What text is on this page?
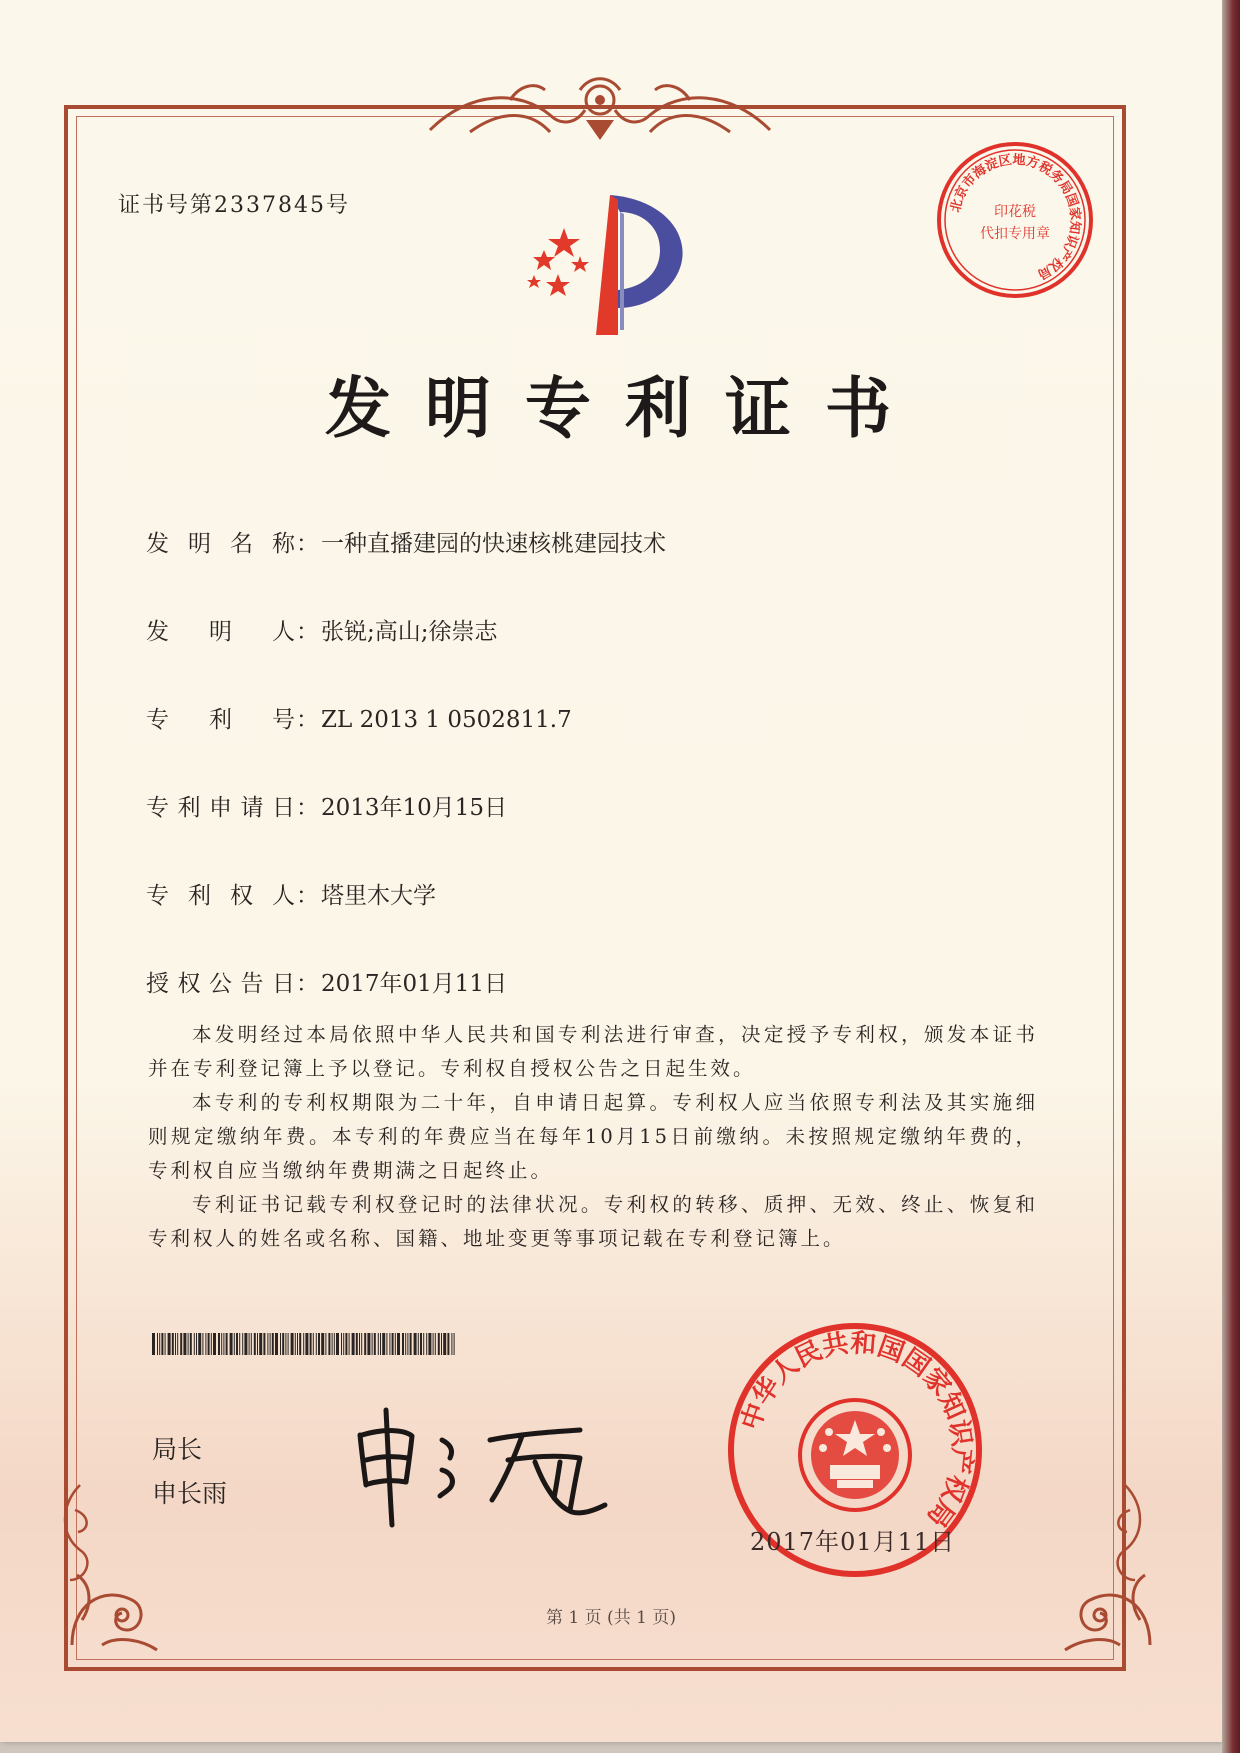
证书号第2337845号	北京市海淀区地方税务局国家知识产权局
印花税
代扣专用章
发明专利证书
发明名称：一种直播建园的快速核桃建园技术
发明人：张锐;高山;徐崇志
专利号：ZL 2013 1 0502811.7
专利申请日：2013年10月15日
专利权人：塔里木大学
授权公告日：2017年01月11日

本发明经过本局依照中华人民共和国专利法进行审查，决定授予专利权，颁发本证书并在专利登记簿上予以登记。专利权自授权公告之日起生效。

本专利的专利权期限为二十年，自申请日起算。专利权人应当依照专利法及其实施细则规定缴纳年费。本专利的年费应当在每年10月15日前缴纳。未按照规定缴纳年费的，专利权自应当缴纳年费期满之日起终止。

专利证书记载专利权登记时的法律状况。专利权的转移、质押、无效、终止、恢复和专利权人的姓名或名称、国籍、地址变更等事项记载在专利登记簿上。

局长
申长雨
中华人民共和国国家知识产权局
2017年01月11日
第 1 页 (共 1 页)
